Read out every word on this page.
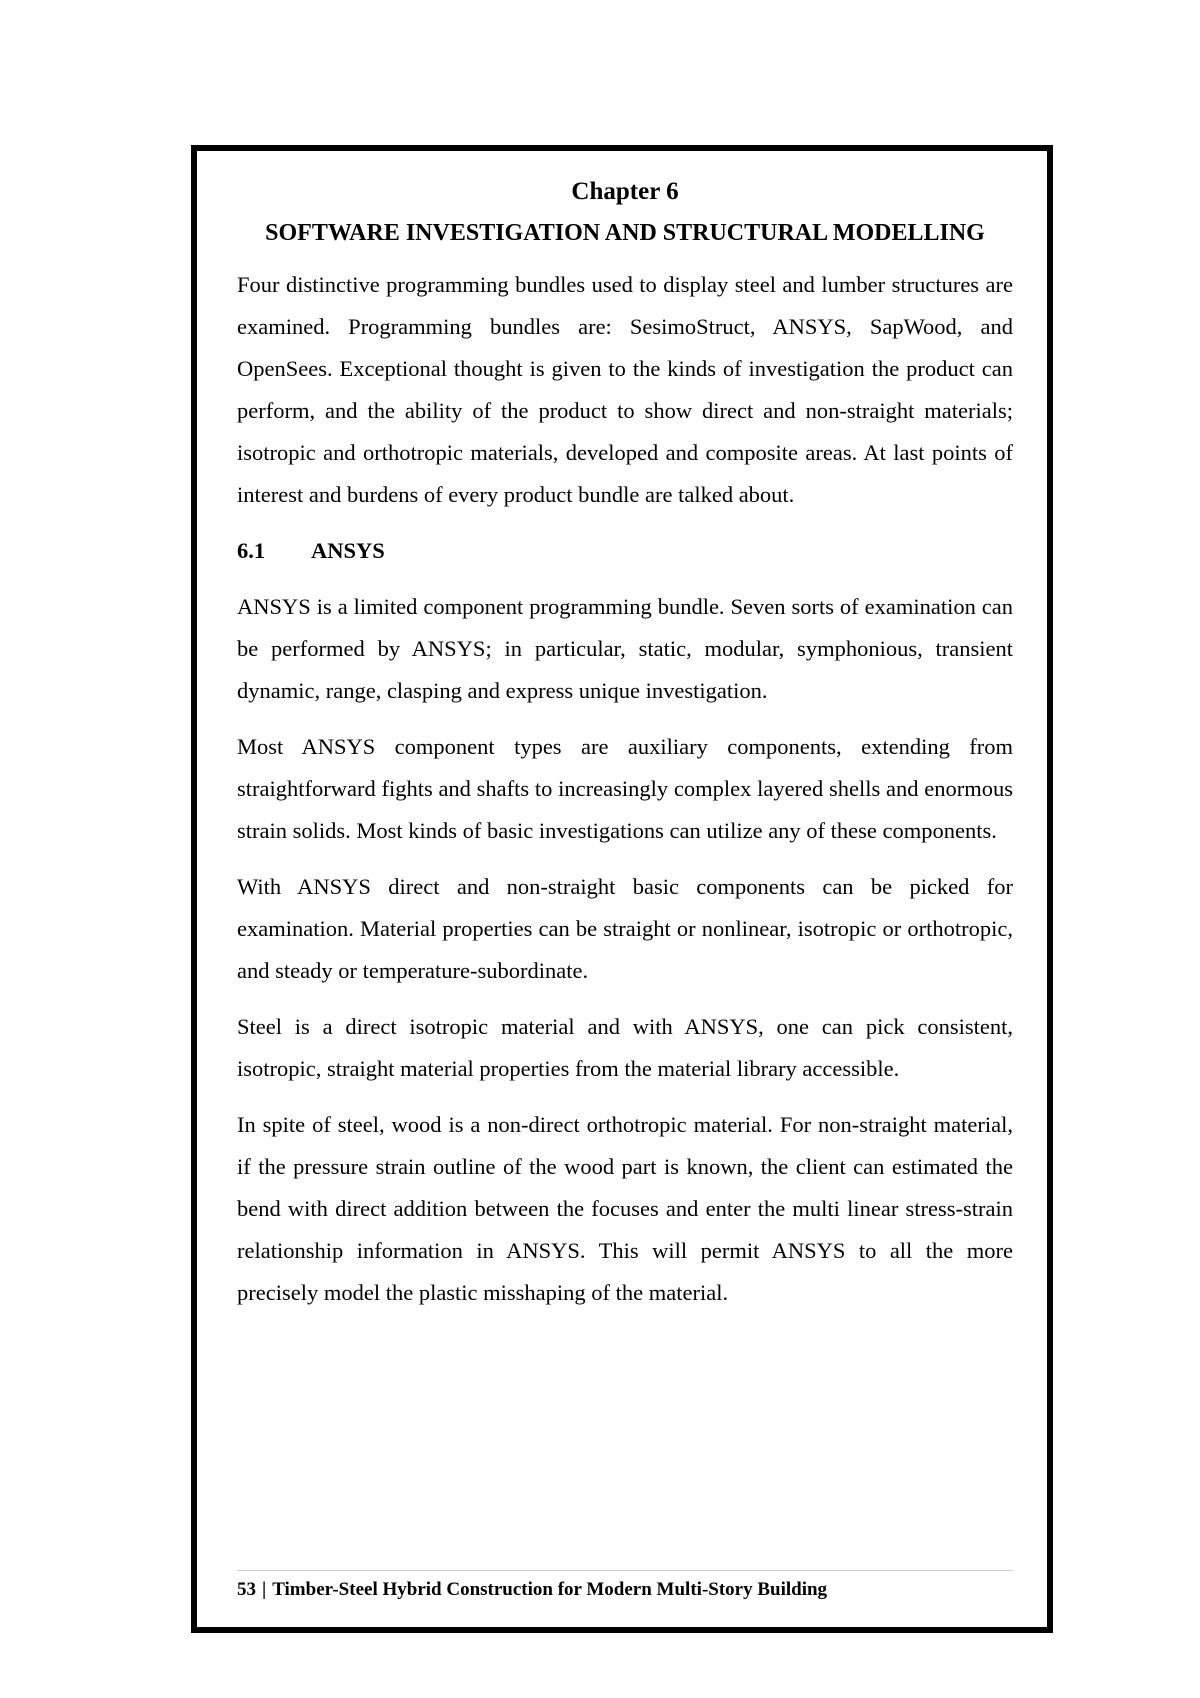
Chapter 6

SOFTWARE INVESTIGATION AND STRUCTURAL MODELLING

Four distinctive programming bundles used to display steel and lumber structures are examined. Programming bundles are: SesimoStruct, ANSYS, SapWood, and OpenSees. Exceptional thought is given to the kinds of investigation the product can perform, and the ability of the product to show direct and non-straight materials; isotropic and orthotropic materials, developed and composite areas. At last points of interest and burdens of every product bundle are talked about.

6.1 ANSYS

ANSYS is a limited component programming bundle. Seven sorts of examination can be performed by ANSYS; in particular, static, modular, symphonious, transient dynamic, range, clasping and express unique investigation.

Most ANSYS component types are auxiliary components, extending from straightforward fights and shafts to increasingly complex layered shells and enormous strain solids. Most kinds of basic investigations can utilize any of these components.

With ANSYS direct and non-straight basic components can be picked for examination. Material properties can be straight or nonlinear, isotropic or orthotropic, and steady or temperature-subordinate.

Steel is a direct isotropic material and with ANSYS, one can pick consistent, isotropic, straight material properties from the material library accessible.

In spite of steel, wood is a non-direct orthotropic material. For non-straight material, if the pressure strain outline of the wood part is known, the client can estimated the bend with direct addition between the focuses and enter the multi linear stress-strain relationship information in ANSYS. This will permit ANSYS to all the more precisely model the plastic misshaping of the material.

53 | Timber-Steel Hybrid Construction for Modern Multi-Story Building
